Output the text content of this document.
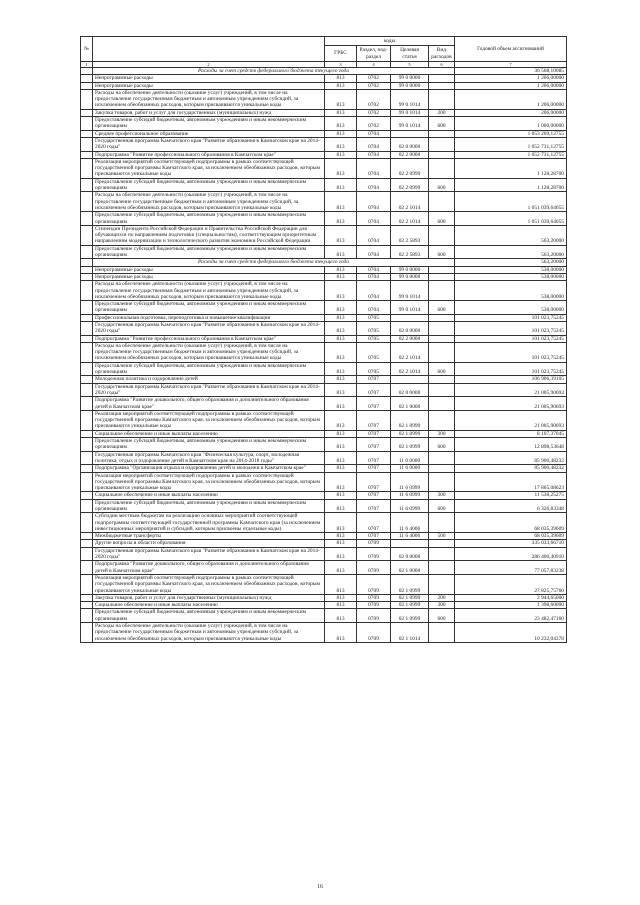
№		коды				Годовой объем ассигнований
		ГРБС	Раздел, под-раздел	Целевая статья	Вид расходов	
1	2	3	4	5	6	7
	Расходы за счет средств федерального бюджета текущего года					36 568,10085
	Непрограммные расходы	813	0702	99 0 0000		1 206,00000
	Непрограммные расходы	813	0702	99 0 0000		1 206,00000
	Расходы на обеспечение деятельности (оказание услуг) учреждений, в том числе на предоставление государственным бюджетным и автономным учреждениям субсидий, за исключением обеобязанных расходов, которым присваиваются уникальные коды	813	0702	99 0 1014		1 206,00000
	Закупка товаров, работ и услуг для государственных (муниципальных) нужд	813	0702	99 0 1014	200	206,00000
	Предоставление субсидий бюджетным, автономным учреждениям и иным некоммерческим организациям	813	0702	99 0 1014	600	1 000,00000
	Среднее профессиональное образование	813	0704			1 053 269,12755
	Государственная программа Камчатского края "Развитие образования в Камчатском крае на 2014-2020 годы"	813	0704	02 0 0000		1 052 731,12755
	Подпрограмма "Развитие профессионального образования в Камчатском крае"	813	0704	02 2 0000		1 052 731,12755
	Реализация мероприятий соответствующей подпрограммы в рамках соответствующей государственной программы Камчатского края, за исключением обеобязанных расходов, которым присваиваются уникальные коды	813	0704	02 2 0999		1 128,28700
	Предоставление субсидий бюджетным, автономным учреждениям и иным некоммерческим организациям	813	0704	02 2 0999	600	1 128,28700
	Расходы на обеспечение деятельности (оказание услуг) учреждений, в том числе на предоставление государственным бюджетным и автономным учреждениям субсидий, за исключением обеобязанных расходов, которым присваиваются уникальные коды	813	0704	02 2 1014		1 051 039,64055
	Предоставление субсидий бюджетным, автономным учреждениям и иным некоммерческим организациям	813	0704	02 2 1014	600	1 051 039,64055
	Стипендии Президента Российской Федерации и Правительства Российской Федерации для обучающихся по направлениям подготовки (специальностям), соответствующим приоритетным направлениям модернизации и технологического развития экономики Российской Федерации	813	0704	02 2 5893		563,20000
	Предоставление субсидий бюджетным, автономным учреждениям и иным некоммерческим организациям	813	0704	02 2 5893	600	563,20000
	Расходы за счет средств федерального бюджета текущего года					563,20000
	Непрограммные расходы	813	0704	99 0 0000		538,00000
	Непрограммные расходы	813	0704	99 0 0000		538,00000
	Расходы на обеспечение деятельности (оказание услуг) учреждений, в том числе на предоставление государственным бюджетным и автономным учреждениям субсидий, за исключением обеобязанных расходов, которым присваиваются уникальные коды	813	0704	99 0 1014		538,00000
	Предоставление субсидий бюджетным, автономным учреждениям и иным некоммерческим организациям	813	0704	99 0 1014	600	538,00000
	Профессиональная подготовка, переподготовка и повышение квалификации	813	0705			101 023,75245
	Государственная программа Камчатского края "Развитие образования в Камчатском крае на 2014-2020 годы"	813	0705	02 0 0000		101 023,75245
	Подпрограмма "Развитие профессионального образования в Камчатском крае"	813	0705	02 2 0000		101 023,75245
	Расходы на обеспечение деятельности (оказание услуг) учреждений, в том числе на предоставление государственным бюджетным и автономным учреждениям субсидий, за исключением обеобязанных расходов, которым присваиваются уникальные коды	813	0705	02 2 1014		101 023,75245
	Предоставление субсидий бюджетным, автономным учреждениям и иным некоммерческим организациям	813	0705	02 2 1014	600	101 023,75245
	Молодежная политика и оздоровление детей	813	0707			106 906,39105
	Государственная программа Камчатского края "Развитие образования в Камчатском крае на 2014-2020 годы"	813	0707	02 0 0000		21 005,90693
	Подпрограмма "Развитие дошкольного, общего образования и дополнительного образования детей в Камчатском крае"	813	0707	02 1 0000		21 005,90693
	Реализация мероприятий соответствующей подпрограммы в рамках соответствующей государственной программы Камчатского края, за исключением обеобязанных расходов, которым присваиваются уникальные коды	813	0707	02 1 0999		21 005,90693
	Социальное обеспечение и иные выплаты населению	813	0707	02 1 0999	300	8 107,37045
	Предоставление субсидий бюджетным, автономным учреждениям и иным некоммерческим организациям	813	0707	02 1 0999	600	12 898,53648
	Государственная программа Камчатского края "Физическая культура, спорт, молодежная политика, отдых и оздоровление детей в Камчатском крае на 2014-2018 годы"	813	0707	11 0 0000		85 900,48232
	Подпрограмма "Организация отдыха и оздоровления детей и молодежи в Камчатском крае"	813	0707	11 6 0000		85 900,48232
	Реализация мероприятий соответствующей подпрограммы в рамках соответствующей государственной программы Камчатского края, за исключением обеобязанных расходов, которым присваиваются уникальные коды	813	0707	11 6 0999		17 865,08623
	Социальное обеспечение и иные выплаты населению	813	0707	11 6 0999	300	11 538,25275
	Предоставление субсидий бюджетным, автономным учреждениям и иным некоммерческим организациям	813	0707	11 6 0999	600	6 326,83348
	Субсидии местным бюджетам на реализацию основных мероприятий соответствующей подпрограммы соответствующей государственной программы Камчатского края (за исключением инвестиционных мероприятий и субсидий, которым присвоены отдельные коды)	813	0707	11 6 4006		68 035,39609
	Межбюджетные трансферты	813	0707	11 6 4006	500	68 035,39609
	Другие вопросы в области образования	813	0709			335 033,66710
	Государственная программа Камчатского края "Развитие образования в Камчатском крае на 2014-2020 годы"	813	0709	02 0 0000		286 400,40910
	Подпрограмма "Развитие дошкольного, общего образования и дополнительного образования детей в Камчатском крае"	813	0709	02 1 0000		77 057,83238
	Реализация мероприятий соответствующей подпрограммы в рамках соответствующей государственной программы Камчатского края, за исключением обеобязанных расходов, которым присваиваются уникальные коды	813	0709	02 1 0999		27 825,75760
	Закупка товаров, работ и услуг для государственных (муниципальных) нужд	813	0709	02 1 0999	200	2 944,65000
	Социальное обеспечение и иные выплаты населению	813	0709	02 1 0999	300	1 398,60000
	Предоставление субсидий бюджетным, автономным учреждениям и иным некоммерческим организациям	813	0709	02 1 0999	600	23 482,47160
	Расходы на обеспечение деятельности (оказание услуг) учреждений, в том числе на предоставление государственным бюджетным и автономным учреждениям субсидий, за исключением обеобязанных расходов, которым присваиваются уникальные коды	813	0709	02 1 1014		10 232,04378
16
